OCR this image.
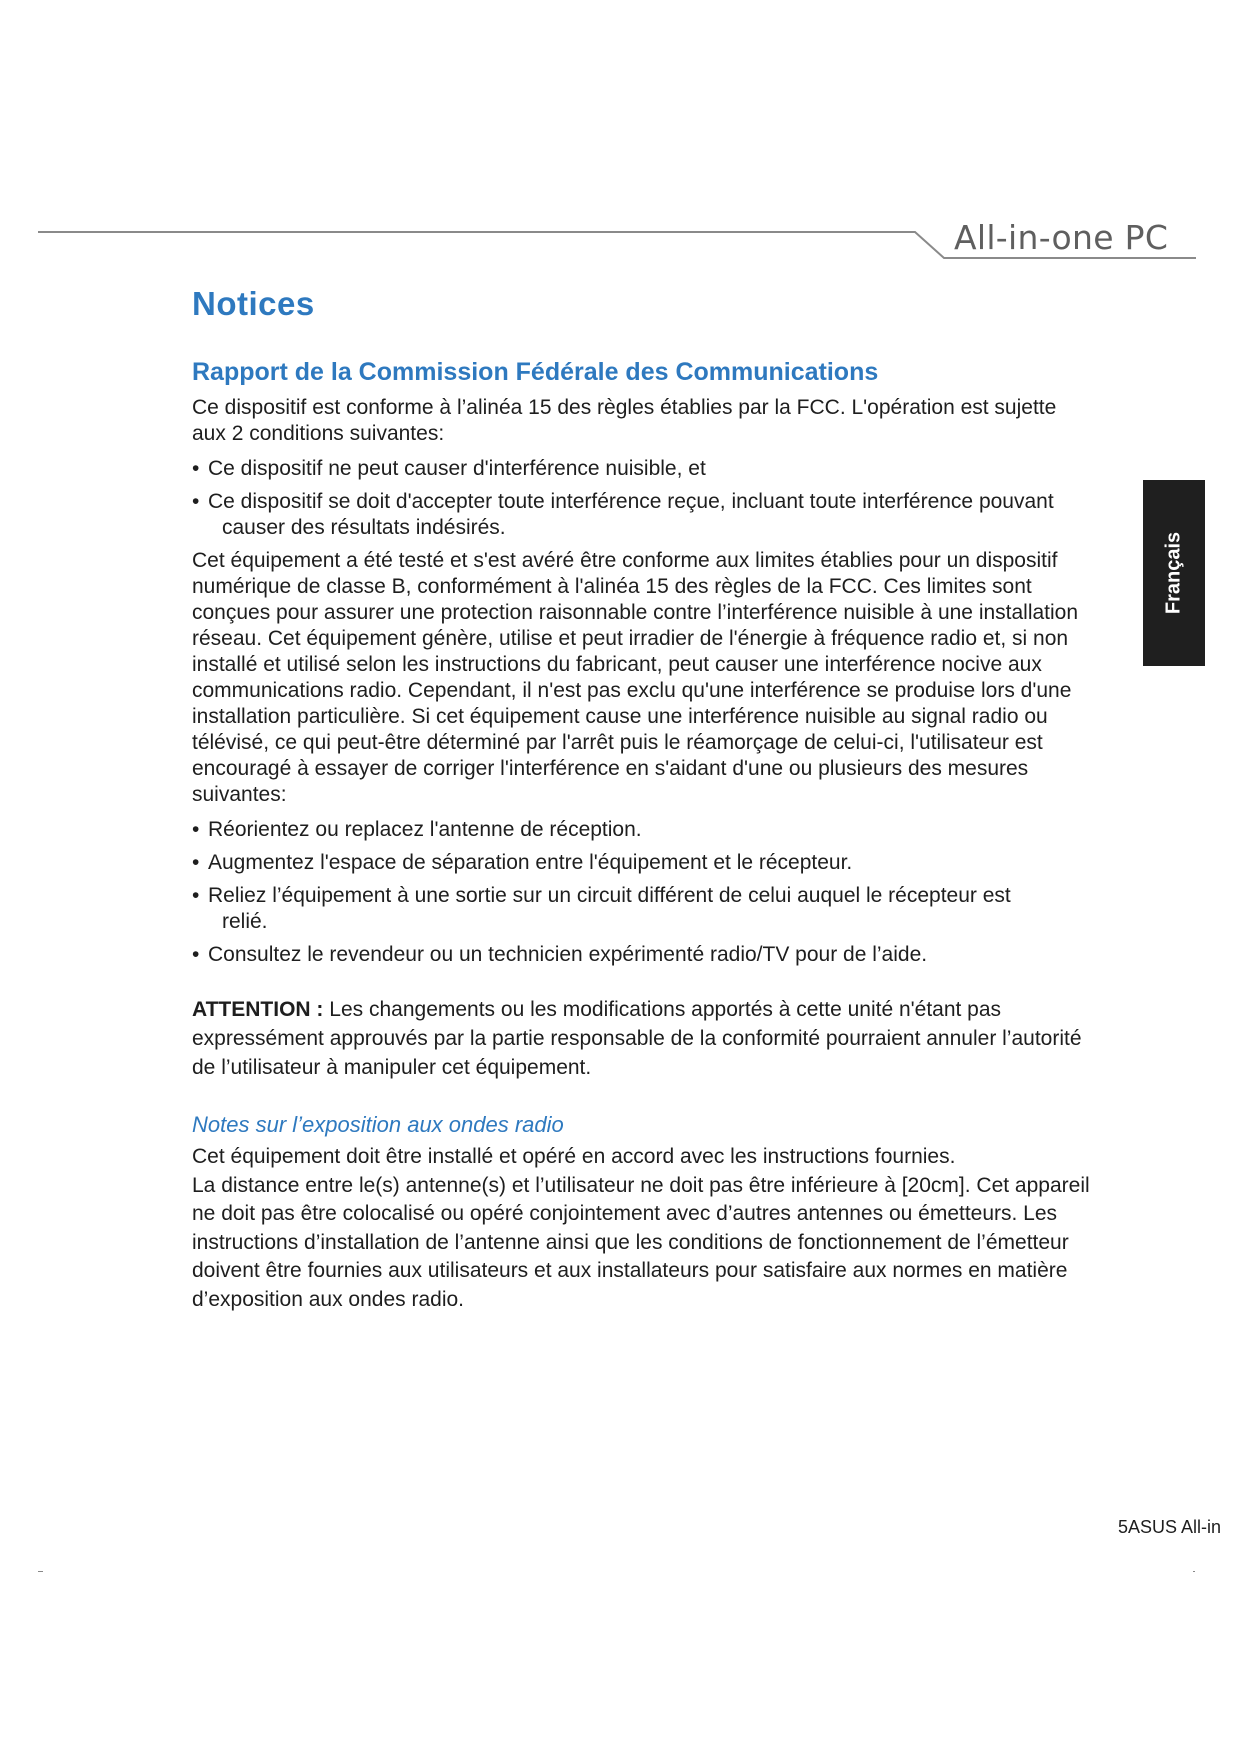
All-in-one PC
Français
Notices
Rapport de la Commission Fédérale des Communications

Ce dispositif est conforme à l’alinéa 15 des règles établies par la FCC. L'opération est sujette aux 2 conditions suivantes:

• Ce dispositif ne peut causer d'interférence nuisible, et
• Ce dispositif se doit d'accepter toute interférence reçue, incluant toute interférence pouvant
causer des résultats indésirés.

Cet équipement a été testé et s'est avéré être conforme aux limites établies pour un dispositif numérique de classe B, conformément à l'alinéa 15 des règles de la FCC. Ces limites sont conçues pour assurer une protection raisonnable contre l’interférence nuisible à une installation réseau. Cet équipement génère, utilise et peut irradier de l'énergie à fréquence radio et, si non installé et utilisé selon les instructions du fabricant, peut causer une interférence nocive aux communications radio. Cependant, il n'est pas exclu qu'une interférence se produise lors d'une installation particulière. Si cet équipement cause une interférence nuisible au signal radio ou télévisé, ce qui peut-être déterminé par l'arrêt puis le réamorçage de celui-ci, l'utilisateur est encouragé à essayer de corriger l'interférence en s'aidant d'une ou plusieurs des mesures suivantes:

• Réorientez ou replacez l'antenne de réception.
• Augmentez l'espace de séparation entre l'équipement et le récepteur.
• Reliez l’équipement à une sortie sur un circuit différent de celui auquel le récepteur est
relié.
• Consultez le revendeur ou un technicien expérimenté radio/TV pour de l’aide.

ATTENTION : Les changements ou les modifications apportés à cette unité n'étant pas expressément approuvés par la partie responsable de la conformité pourraient annuler l’autorité de l’utilisateur à manipuler cet équipement.

Notes sur l’exposition aux ondes radio

Cet équipement doit être installé et opéré en accord avec les instructions fournies.

La distance entre le(s) antenne(s) et l’utilisateur ne doit pas être inférieure à [20cm]. Cet appareil ne doit pas être colocalisé ou opéré conjointement avec d’autres antennes ou émetteurs. Les instructions d’installation de l’antenne ainsi que les conditions de fonctionnement de l’émetteur doivent être fournies aux utilisateurs et aux installateurs pour satisfaire aux normes en matière d’exposition aux ondes radio.

5ASUS All-in
